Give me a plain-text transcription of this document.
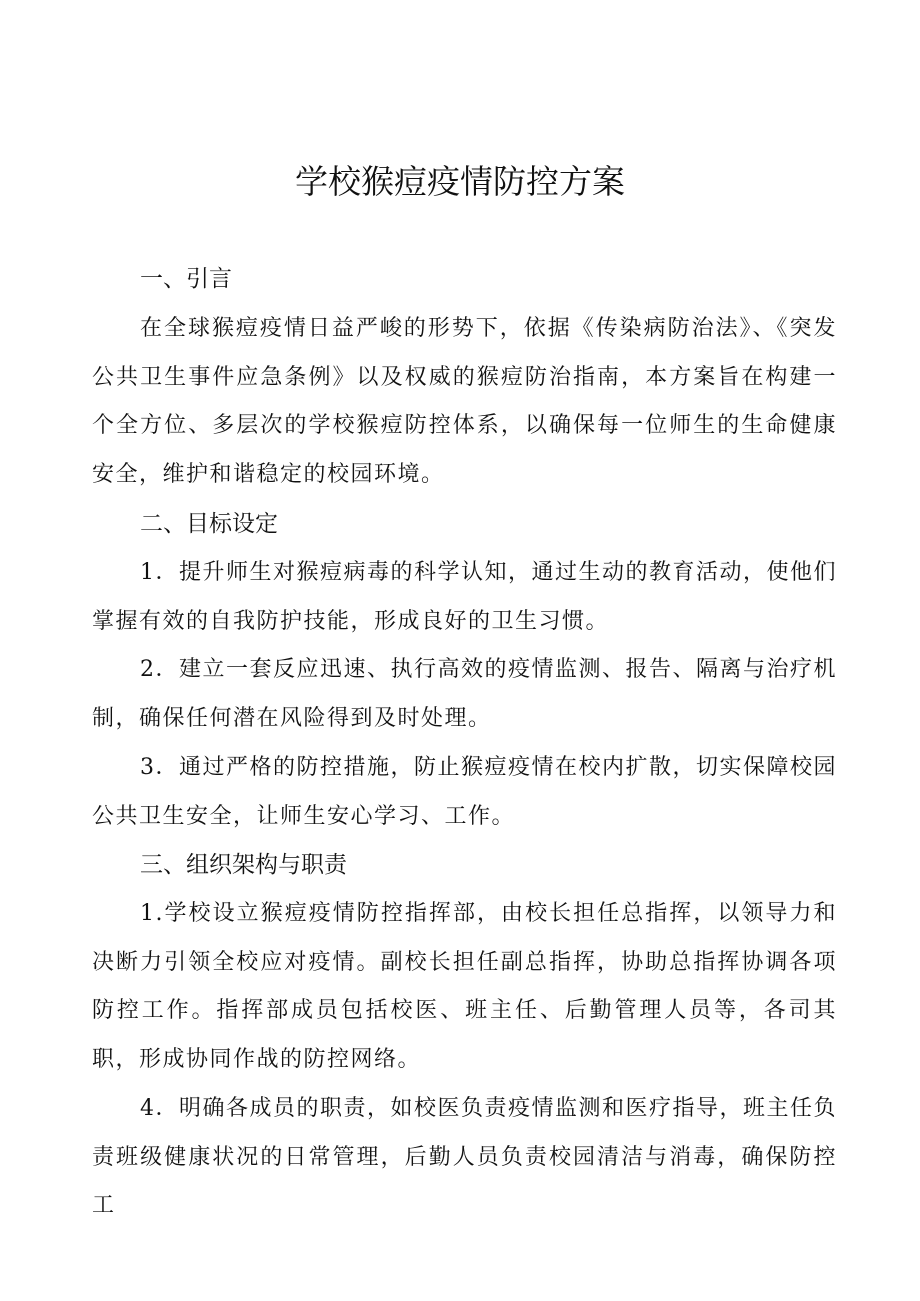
学校猴痘疫情防控方案
一、引言
在全球猴痘疫情日益严峻的形势下，依据《传染病防治法》、《突发公共卫生事件应急条例》以及权威的猴痘防治指南，本方案旨在构建一个全方位、多层次的学校猴痘防控体系，以确保每一位师生的生命健康安全，维护和谐稳定的校园环境。
二、目标设定
1．提升师生对猴痘病毒的科学认知，通过生动的教育活动，使他们掌握有效的自我防护技能，形成良好的卫生习惯。
2．建立一套反应迅速、执行高效的疫情监测、报告、隔离与治疗机制，确保任何潜在风险得到及时处理。
3．通过严格的防控措施，防止猴痘疫情在校内扩散，切实保障校园公共卫生安全，让师生安心学习、工作。
三、组织架构与职责
1.学校设立猴痘疫情防控指挥部，由校长担任总指挥，以领导力和决断力引领全校应对疫情。副校长担任副总指挥，协助总指挥协调各项防控工作。指挥部成员包括校医、班主任、后勤管理人员等，各司其职，形成协同作战的防控网络。
4．明确各成员的职责，如校医负责疫情监测和医疗指导，班主任负责班级健康状况的日常管理，后勤人员负责校园清洁与消毒，确保防控工
